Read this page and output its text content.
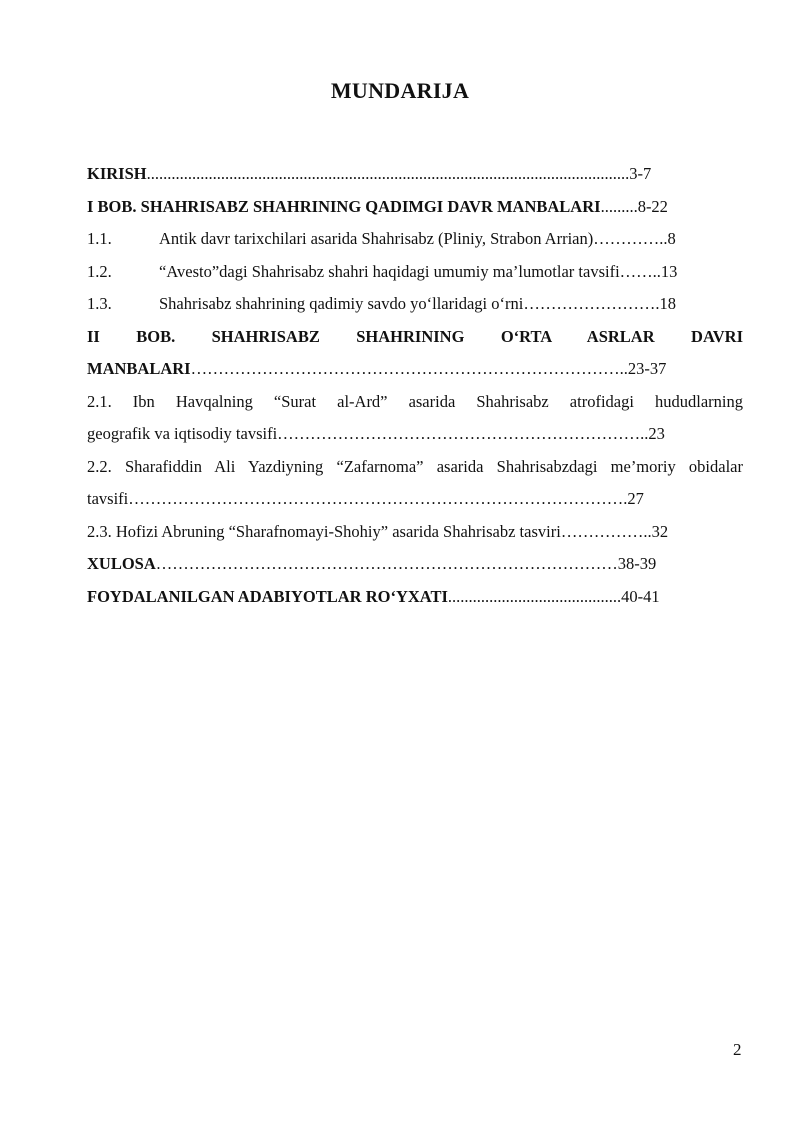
MUNDARIJA
KIRISH.....................................................................................................................3-7
I BOB. SHAHRISABZ SHAHRINING QADIMGI DAVR MANBALARI.........8-22
1.1.	Antik davr tarixchilari asarida Shahrisabz (Pliniy, Strabon Arrian)…………..8
1.2.	“Avesto”dagi Shahrisabz shahri haqidagi umumiy ma’lumotlar tavsifi……..13
1.3.	Shahrisabz shahrining qadimiy savdo yo‘llaridagi o‘rni…………………….18
II BOB. SHAHRISABZ SHAHRINING O‘RTA ASRLAR DAVRI
MANBALARI……………………………………………………………………..23-37
2.1. Ibn Havqalning “Surat al-Ard” asarida Shahrisabz atrofidagi hududlarning
geografik va iqtisodiy tavsifi…………………………………………………………..23
2.2. Sharafiddin Ali Yazdiyning “Zafarnoma” asarida Shahrisabzdagi me’moriy obidalar
tavsifi……………………………………………………………………………….27
2.3. Hofizi Abruning “Sharafnomayi-Shohiy” asarida Shahrisabz tasviri……………..32
XULOSA…………………………………………………………………………38-39
FOYDALANILGAN ADABIYOTLAR RO‘YXATI..........................................40-41
2
